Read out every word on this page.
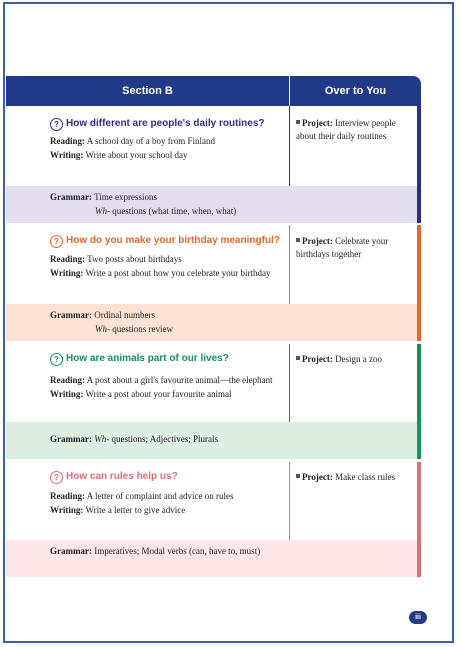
Section B	Over to You
? How different are people's daily routines?
Reading: A school day of a boy from Finland
Writing: Write about your school day
Project: Interview people about their daily routines
Grammar: Time expressions
Wh- questions (what time, when, what)
? How do you make your birthday meaningful?
Reading: Two posts about birthdays
Writing: Write a post about how you celebrate your birthday
Project: Celebrate your birthdays together
Grammar: Ordinal numbers
Wh- questions review
? How are animals part of our lives?
Reading: A post about a girl's favourite animal—the elephant
Writing: Write a post about your favourite animal
Project: Design a zoo
Grammar: Wh- questions; Adjectives; Plurals
? How can rules help us?
Reading: A letter of complaint and advice on rules
Writing: Write a letter to give advice
Project: Make class rules
Grammar: Imperatives; Modal verbs (can, have to, must)
iii
